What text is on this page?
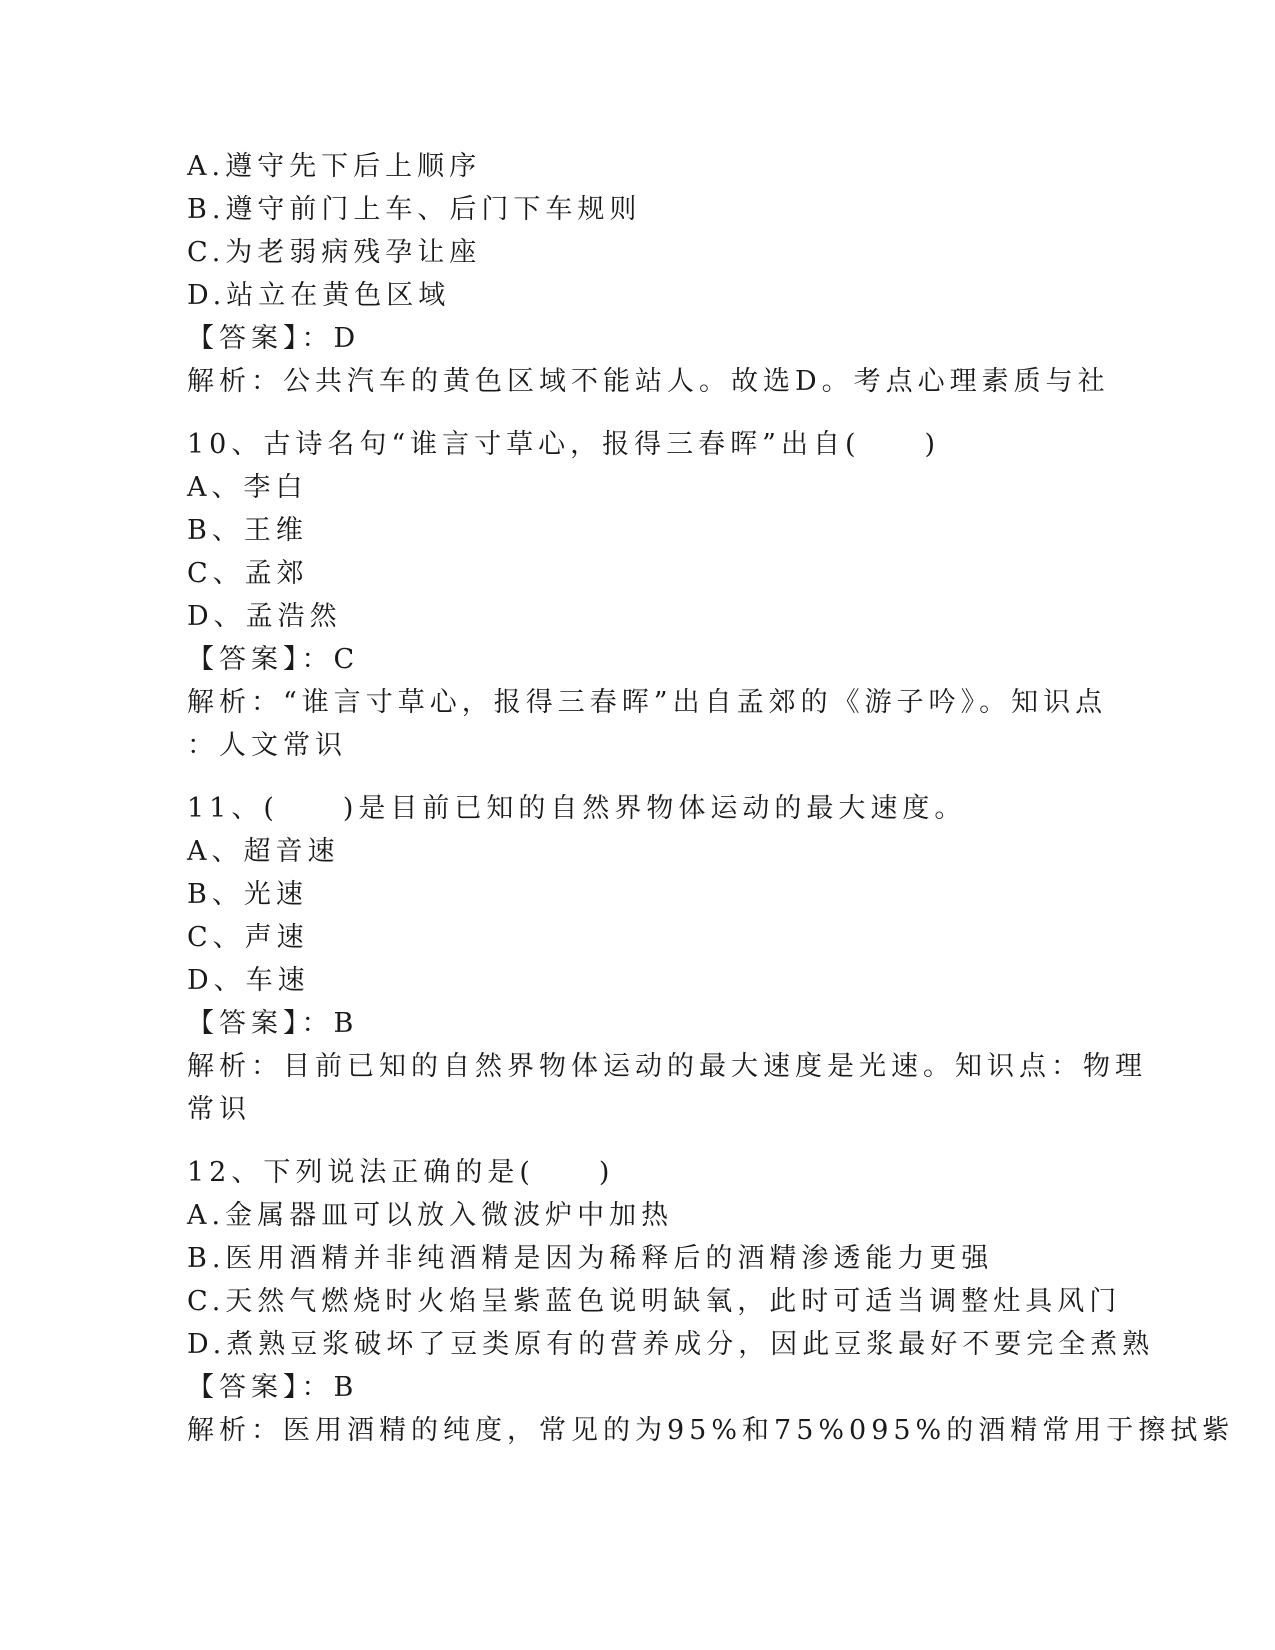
A.遵守先下后上顺序
B.遵守前门上车、后门下车规则
C.为老弱病残孕让座
D.站立在黄色区域
【答案】：D
解析：公共汽车的黄色区域不能站人。故选D。考点心理素质与社
10、古诗名句“谁言寸草心，报得三春晖”出自(　　)
A、李白
B、王维
C、孟郊
D、孟浩然
【答案】：C
解析：“谁言寸草心，报得三春晖”出自孟郊的《游子吟》。知识点
：人文常识
11、(　　)是目前已知的自然界物体运动的最大速度。
A、超音速
B、光速
C、声速
D、车速
【答案】：B
解析：目前已知的自然界物体运动的最大速度是光速。知识点：物理
常识
12、下列说法正确的是(　　)
A.金属器皿可以放入微波炉中加热
B.医用酒精并非纯酒精是因为稀释后的酒精渗透能力更强
C.天然气燃烧时火焰呈紫蓝色说明缺氧，此时可适当调整灶具风门
D.煮熟豆浆破坏了豆类原有的营养成分，因此豆浆最好不要完全煮熟
【答案】：B
解析：医用酒精的纯度，常见的为95%和75%095%的酒精常用于擦拭紫
